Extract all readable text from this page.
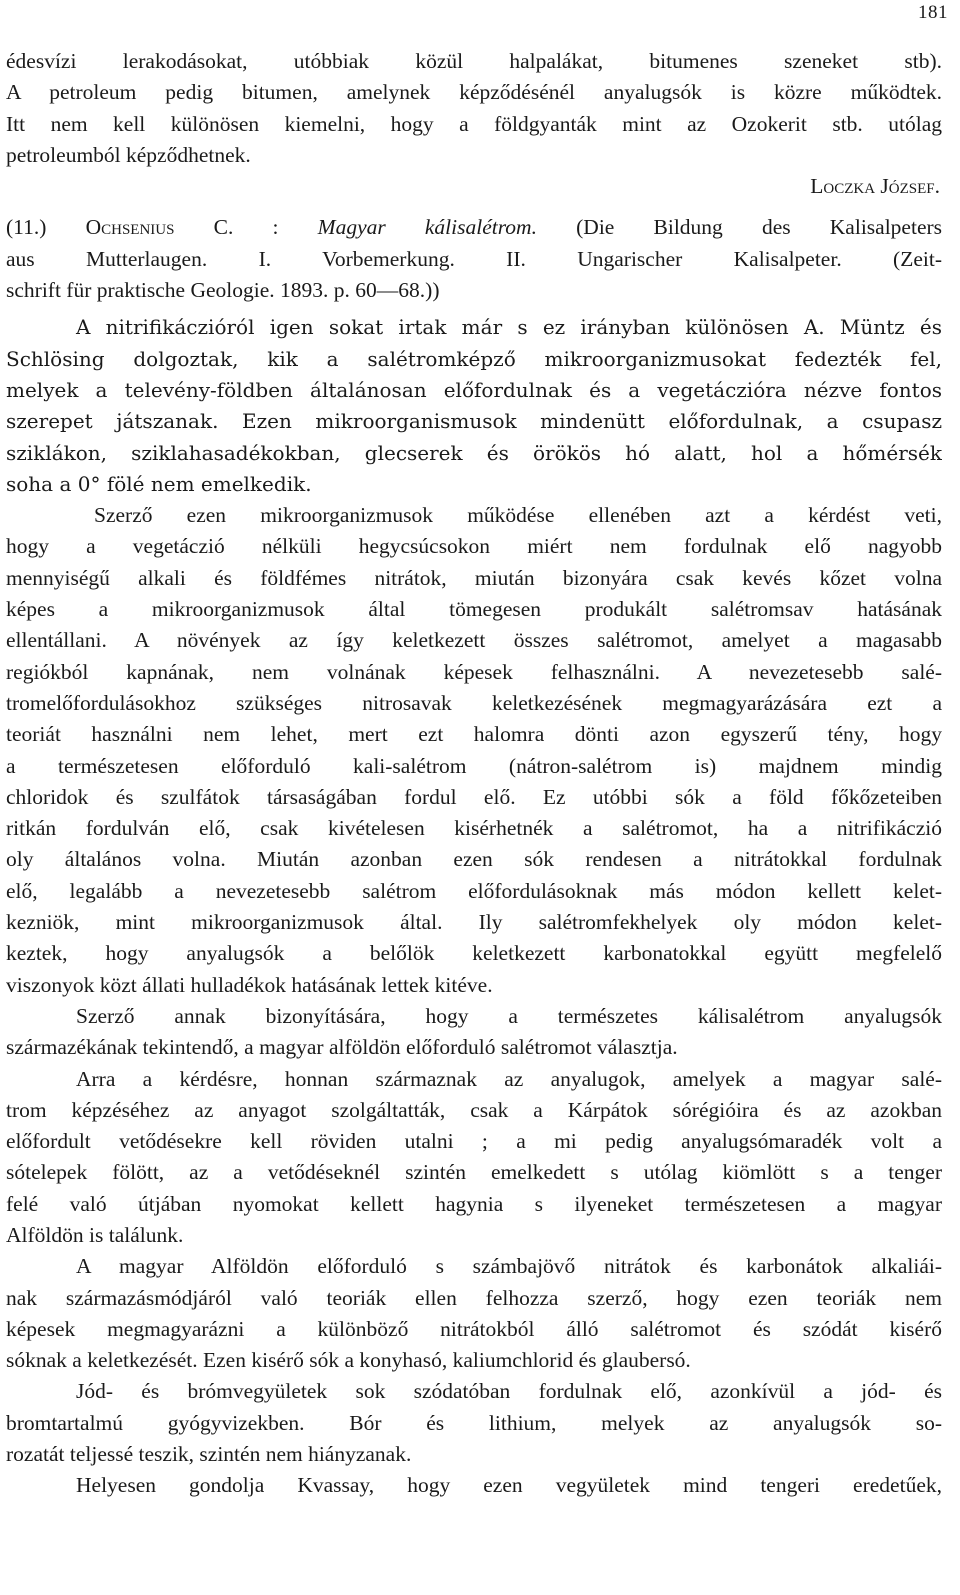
181
édesvízi lerakodásokat, utóbbiak közül halpalákat, bitumenes szeneket stb).
A petroleum pedig bitumen, amelynek képződésénél anyalugsók is közre működtek.
Itt nem kell különösen kiemelni, hogy a földgyanták mint az Ozokerit stb. utólag
petroleumból képződhetnek.
Loczka József.
(11.) Ochsenius C. : Magyar kálisalétrom. (Die Bildung des Kalisalpeters
aus Mutterlaugen. I. Vorbemerkung. II. Ungarischer Kalisalpeter. (Zeit-
schrift für praktische Geologie. 1893. p. 60—68.))
A nitrifikáczióról igen sokat irtak már s ez irányban különösen A. Müntz és
Schlösing dolgoztak, kik a salétromképző mikroorganizmusokat fedezték fel,
melyek a televény-földben általánosan előfordulnak és a vegetáczióra nézve fontos
szerepet játszanak. Ezen mikroorganismusok mindenütt előfordulnak, a csupasz
sziklákon, sziklahasadékokban, glecserek és örökös hó alatt, hol a hőmérsék
soha a 0° fölé nem emelkedik.
Szerző ezen mikroorganizmusok működése ellenében azt a kérdést veti,
hogy a vegetáczió nélküli hegycsúcsokon miért nem fordulnak elő nagyobb
mennyiségű alkali és földfémes nitrátok, miután bizonyára csak kevés kőzet volna
képes a mikroorganizmusok által tömegesen produkált salétromsav hatásának
ellentállani. A növények az így keletkezett összes salétromot, amelyet a magasabb
regiókból kapnának, nem volnának képesek felhasználni. A nevezetesebb salé-
tromelőfordulásokhoz szükséges nitrosavak keletkezésének megmagyarázására ezt a
teoriát használni nem lehet, mert ezt halomra dönti azon egyszerű tény, hogy
a természetesen előforduló kali-salétrom (nátron-salétrom is) majdnem mindig
chloridok és szulfátok társaságában fordul elő. Ez utóbbi sók a föld főkőzeteiben
ritkán fordulván elő, csak kivételesen kisérhetnék a salétromot, ha a nitrifikáczió
oly általános volna. Miután azonban ezen sók rendesen a nitrátokkal fordulnak
elő, legalább a nevezetesebb salétrom előfordulásoknak más módon kellett kelet-
kezniök, mint mikroorganizmusok által. Ily salétromfekhelyek oly módon kelet-
keztek, hogy anyalugsók a belőlök keletkezett karbonatokkal együtt megfelelő
viszonyok közt állati hulladékok hatásának lettek kitéve.
Szerző annak bizonyítására, hogy a természetes kálisalétrom anyalugsók
származékának tekintendő, a magyar alföldön előforduló salétromot választja.
Arra a kérdésre, honnan származnak az anyalugok, amelyek a magyar salé-
trom képzéséhez az anyagot szolgáltatták, csak a Kárpátok sórégióira és az azokban
előfordult vetődésekre kell röviden utalni ; a mi pedig anyalugsómaradék volt a
sótelepek fölött, az a vetődéseknél szintén emelkedett s utólag kiömlött s a tenger
felé való útjában nyomokat kellett hagynia s ilyeneket természetesen a magyar
Alföldön is találunk.
A magyar Alföldön előforduló s számbajövő nitrátok és karbonátok alkaliái-
nak származásmódjáról való teoriák ellen felhozza szerző, hogy ezen teoriák nem
képesek megmagyarázni a különböző nitrátokból álló salétromot és szódát kisérő
sóknak a keletkezését. Ezen kisérő sók a konyhasó, kaliumchlorid és glaubersó.
Jód- és brómvegyületek sok szódatóban fordulnak elő, azonkívül a jód- és
bromtartalmú gyógyvizekben. Bór és lithium, melyek az anyalugsók so-
rozatát teljessé teszik, szintén nem hiányzanak.
Helyesen gondolja Kvassay, hogy ezen vegyületek mind tengeri eredetűek,
